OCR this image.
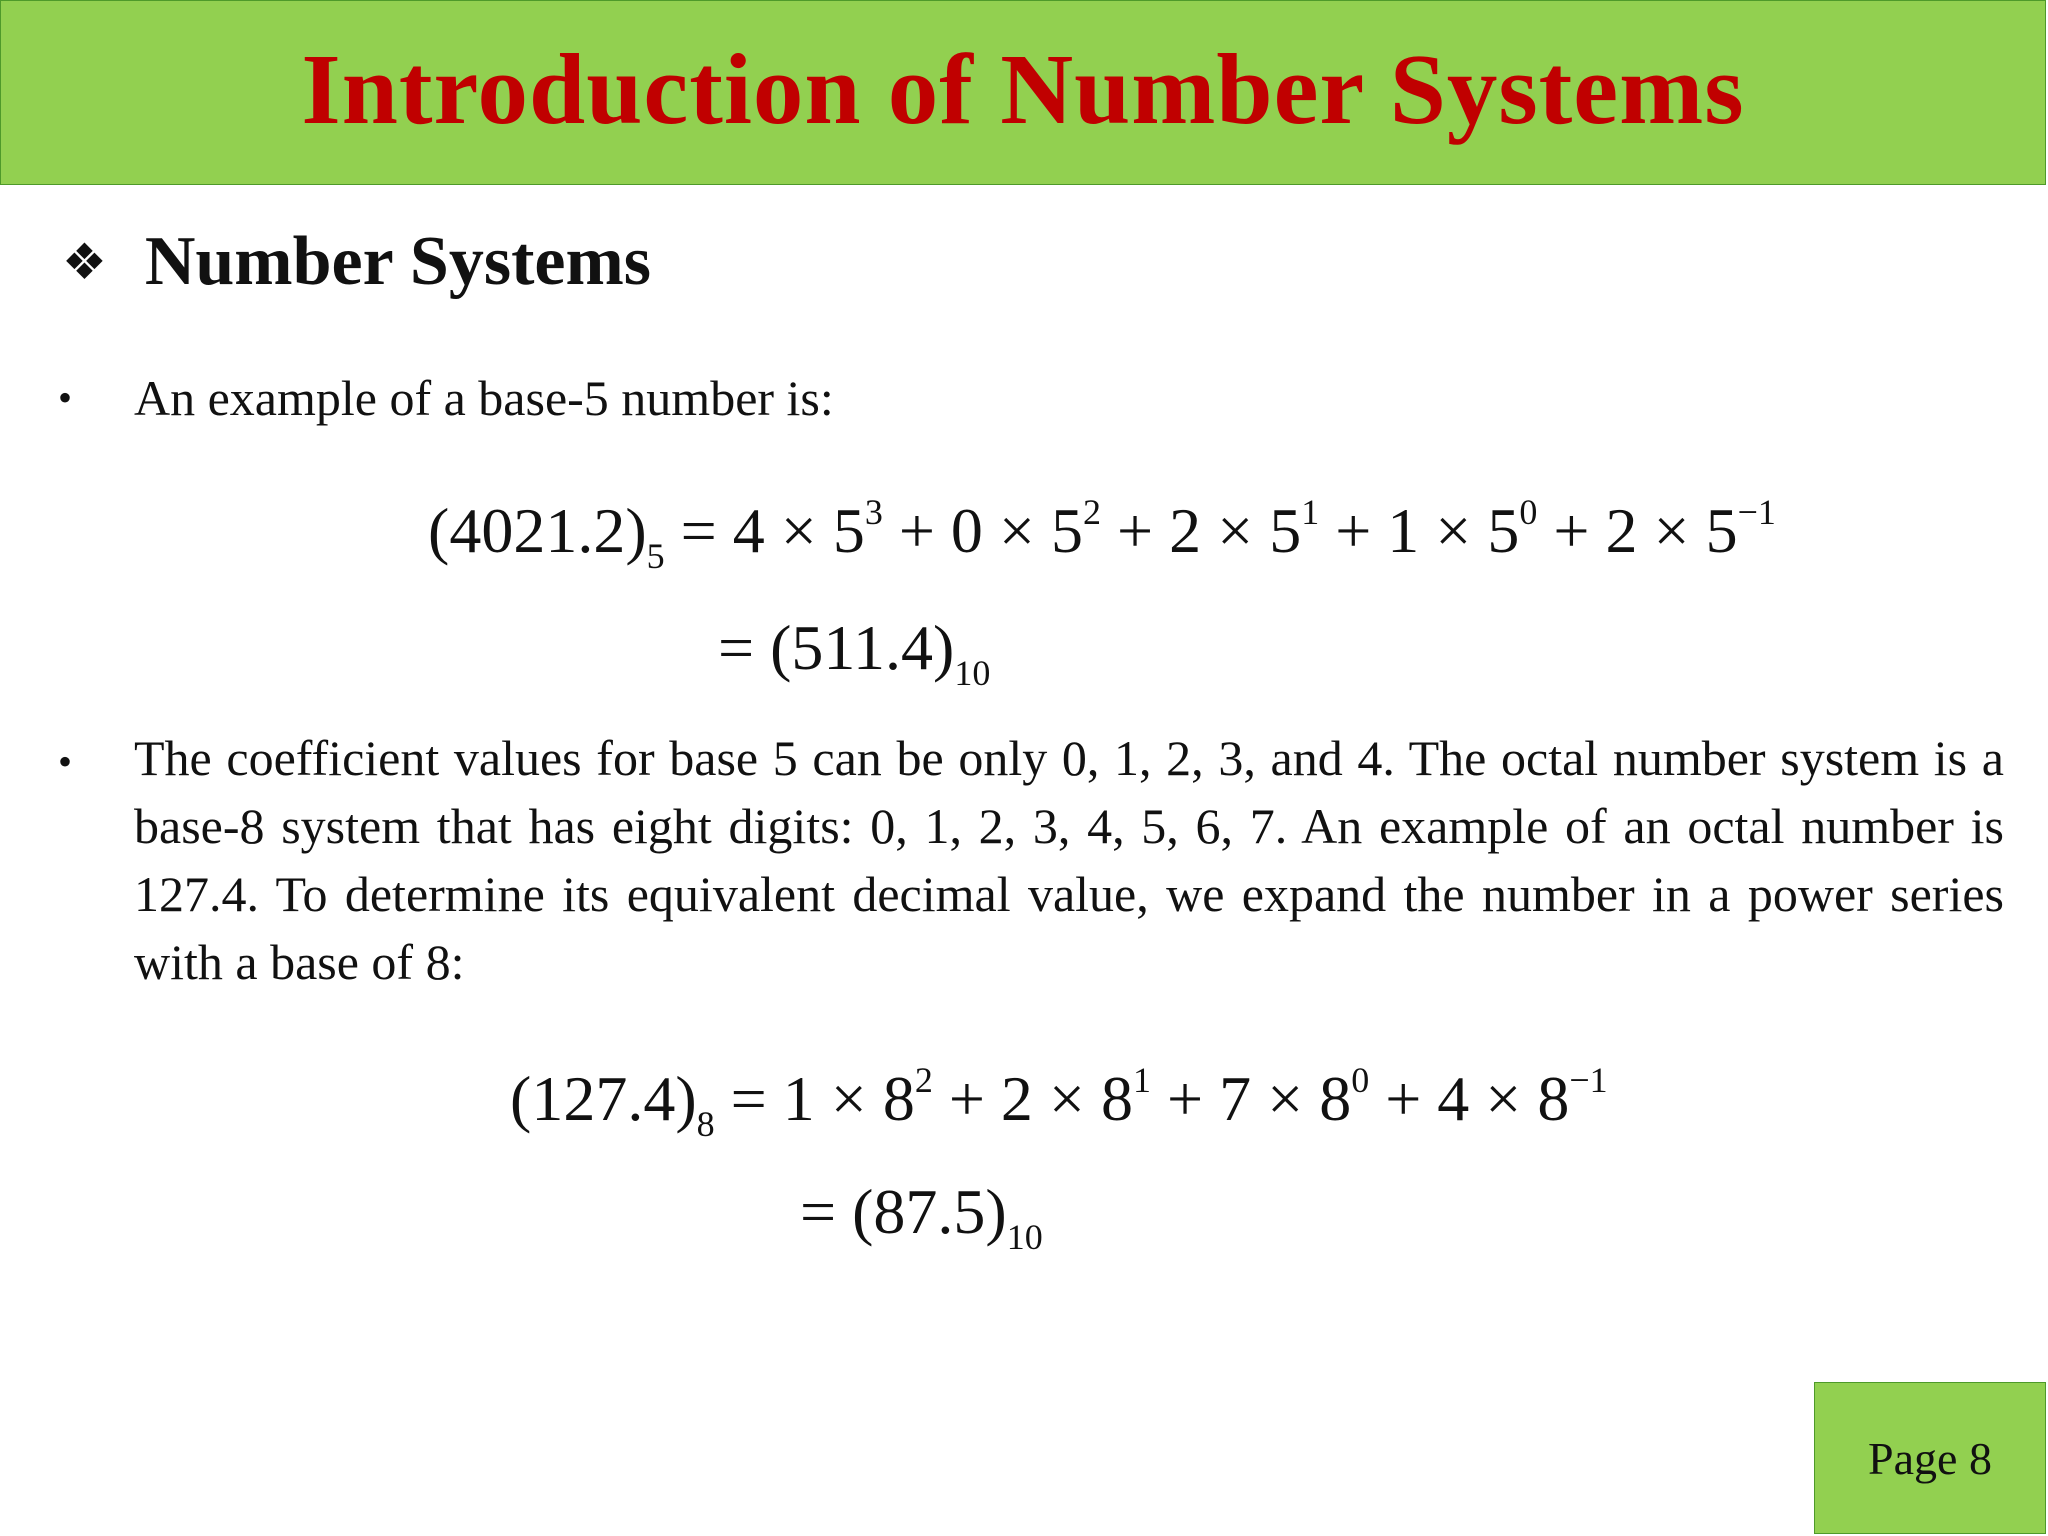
Introduction of Number Systems
❖ Number Systems
• An example of a base-5 number is:
$(4021.2)_5 = 4 \times 5^3 + 0 \times 5^2 + 2 \times 5^1 + 1 \times 5^0 + 2 \times 5^{-1}$
= $(511.4)_{10}$
• The coefficient values for base 5 can be only 0, 1, 2, 3, and 4. The octal number system is a base-8 system that has eight digits: 0, 1, 2, 3, 4, 5, 6, 7. An example of an octal number is 127.4. To determine its equivalent decimal value, we expand the number in a power series with a base of 8:
$(127.4)_8 = 1 \times 8^2 + 2 \times 8^1 + 7 \times 8^0 + 4 \times 8^{-1}$
= $(87.5)_{10}$
Page 8
